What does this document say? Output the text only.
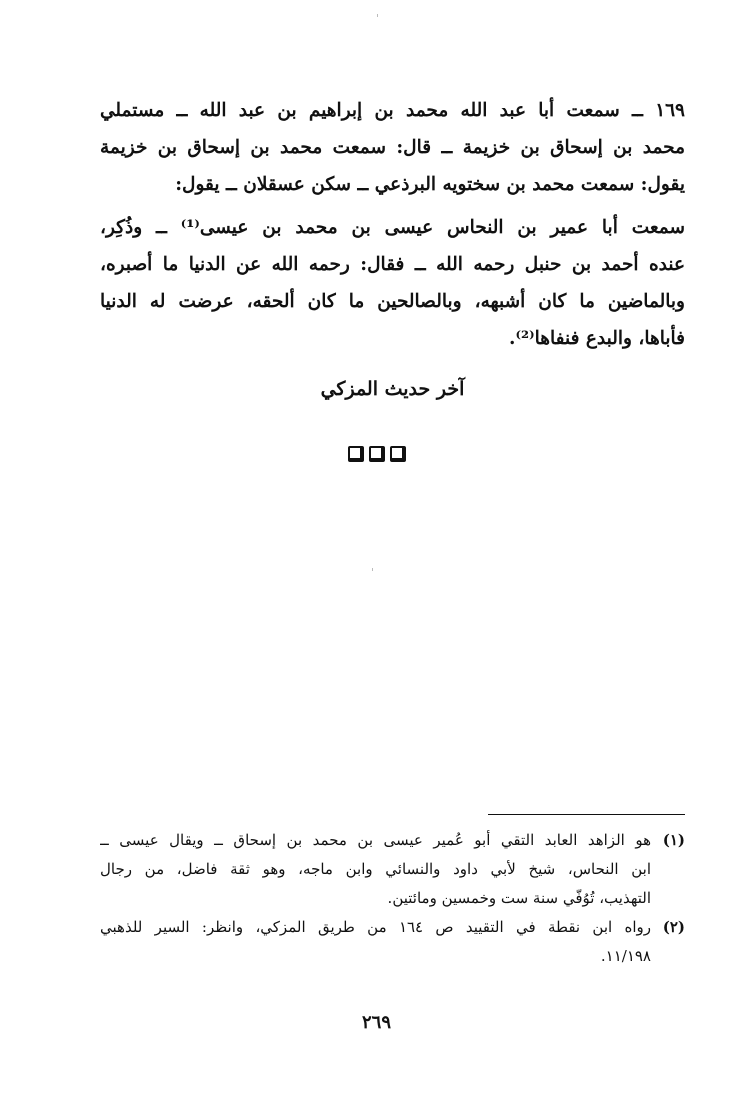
١٦٩ ــ سمعت أبا عبد الله محمد بن إبراهيم بن عبد الله ــ مستملي
محمد بن إسحاق بن خزيمة ــ قال: سمعت محمد بن إسحاق بن خزيمة
يقول: سمعت محمد بن سختويه البرذعي ــ سكن عسقلان ــ يقول:
سمعت أبا عمير بن النحاس عيسى بن محمد بن عيسى⁽¹⁾ ــ وذُكِر،
عنده أحمد بن حنبل رحمه الله ــ فقال: رحمه الله عن الدنيا ما أصبره،
وبالماضين ما كان أشبهه، وبالصالحين ما كان ألحقه، عرضت له الدنيا
فأباها، والبدع فنفاها⁽²⁾.
آخر حديث المزكي
(١)
هو الزاهد العابد التقي أبو عُمير عيسى بن محمد بن إسحاق ــ ويقال عيسى ــ
ابن النحاس، شيخ لأبي داود والنسائي وابن ماجه، وهو ثقة فاضل، من رجال
التهذيب، تُوُفّي سنة ست وخمسين ومائتين.
(٢)
رواه ابن نقطة في التقييد ص ١٦٤ من طريق المزكي، وانظر: السير للذهبي
١١/١٩٨.
٢٦٩
